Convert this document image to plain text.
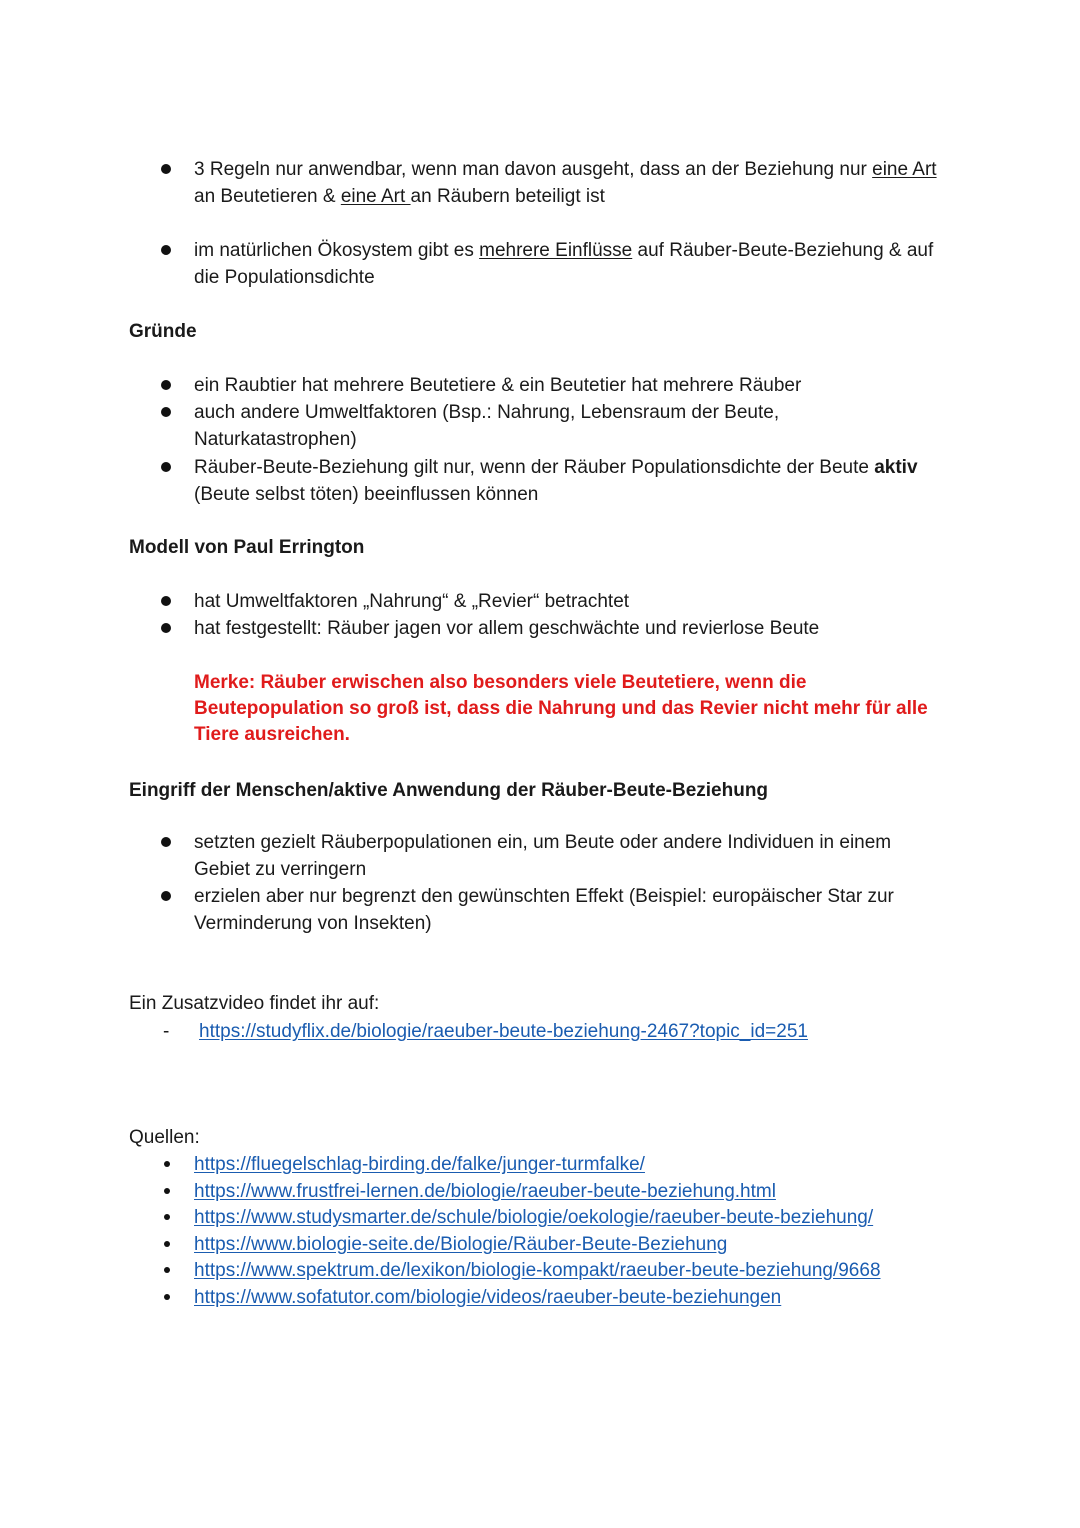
3 Regeln nur anwendbar, wenn man davon ausgeht, dass an der Beziehung nur eine Art an Beutetieren & eine Art an Räubern beteiligt ist
im natürlichen Ökosystem gibt es mehrere Einflüsse auf Räuber-Beute-Beziehung & auf die Populationsdichte
Gründe
ein Raubtier hat mehrere Beutetiere & ein Beutetier hat mehrere Räuber
auch andere Umweltfaktoren (Bsp.: Nahrung, Lebensraum der Beute, Naturkatastrophen)
Räuber-Beute-Beziehung gilt nur, wenn der Räuber Populationsdichte der Beute aktiv (Beute selbst töten) beeinflussen können
Modell von Paul Errington
hat Umweltfaktoren „Nahrung“ & „Revier“ betrachtet
hat festgestellt: Räuber jagen vor allem geschwächte und revierlose Beute
Merke: Räuber erwischen also besonders viele Beutetiere, wenn die Beutepopulation so groß ist, dass die Nahrung und das Revier nicht mehr für alle Tiere ausreichen.
Eingriff der Menschen/aktive Anwendung der Räuber-Beute-Beziehung
setzten gezielt Räuberpopulationen ein, um Beute oder andere Individuen in einem Gebiet zu verringern
erzielen aber nur begrenzt den gewünschten Effekt (Beispiel: europäischer Star zur Verminderung von Insekten)
Ein Zusatzvideo findet ihr auf:
- https://studyflix.de/biologie/raeuber-beute-beziehung-2467?topic_id=251
Quellen:
https://fluegelschlag-birding.de/falke/junger-turmfalke/
https://www.frustfrei-lernen.de/biologie/raeuber-beute-beziehung.html
https://www.studysmarter.de/schule/biologie/oekologie/raeuber-beute-beziehung/
https://www.biologie-seite.de/Biologie/Räuber-Beute-Beziehung
https://www.spektrum.de/lexikon/biologie-kompakt/raeuber-beute-beziehung/9668
https://www.sofatutor.com/biologie/videos/raeuber-beute-beziehungen
